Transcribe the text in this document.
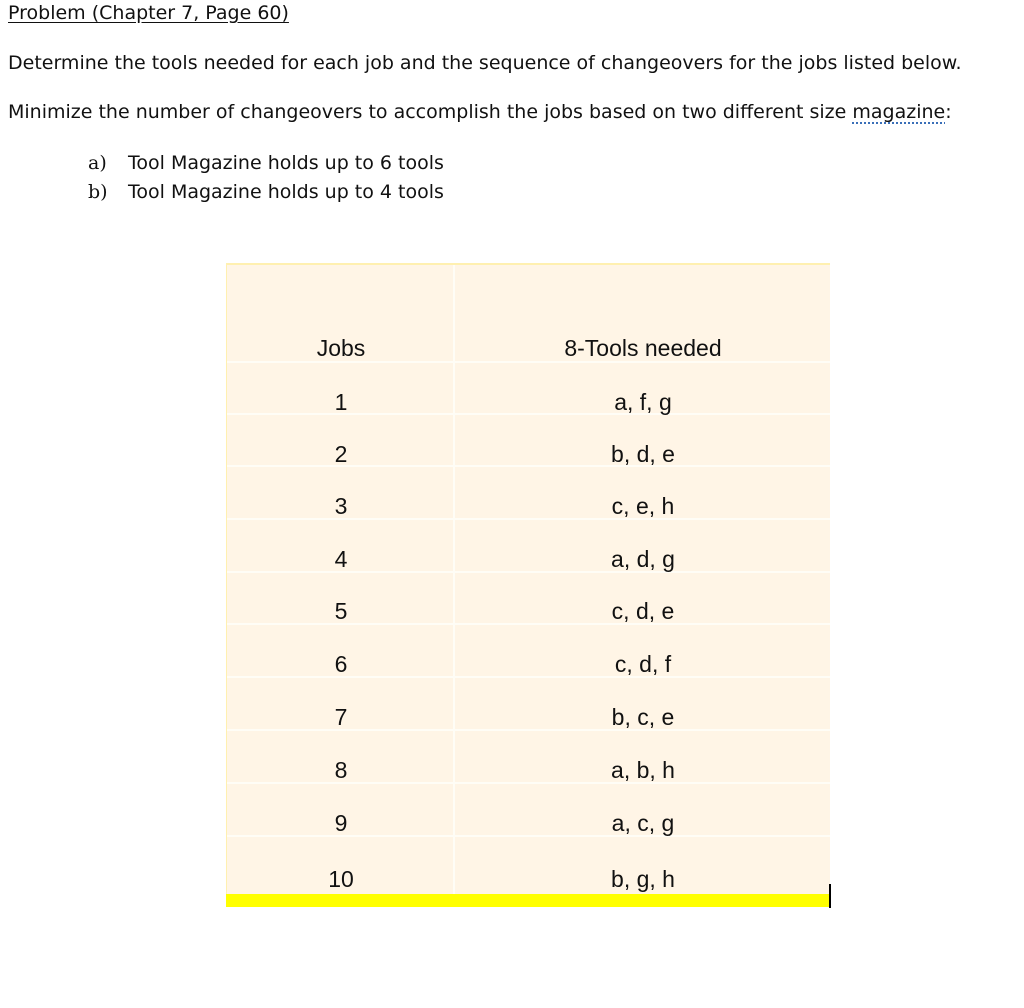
Problem (Chapter 7, Page 60)
Determine the tools needed for each job and the sequence of changeovers for the jobs listed below.
Minimize the number of changeovers to accomplish the jobs based on two different size magazine:
a) Tool Magazine holds up to 6 tools
b) Tool Magazine holds up to 4 tools
Jobs	8-Tools needed
1	a, f, g
2	b, d, e
3	c, e, h
4	a, d, g
5	c, d, e
6	c, d, f
7	b, c, e
8	a, b, h
9	a, c, g
10	b, g, h
